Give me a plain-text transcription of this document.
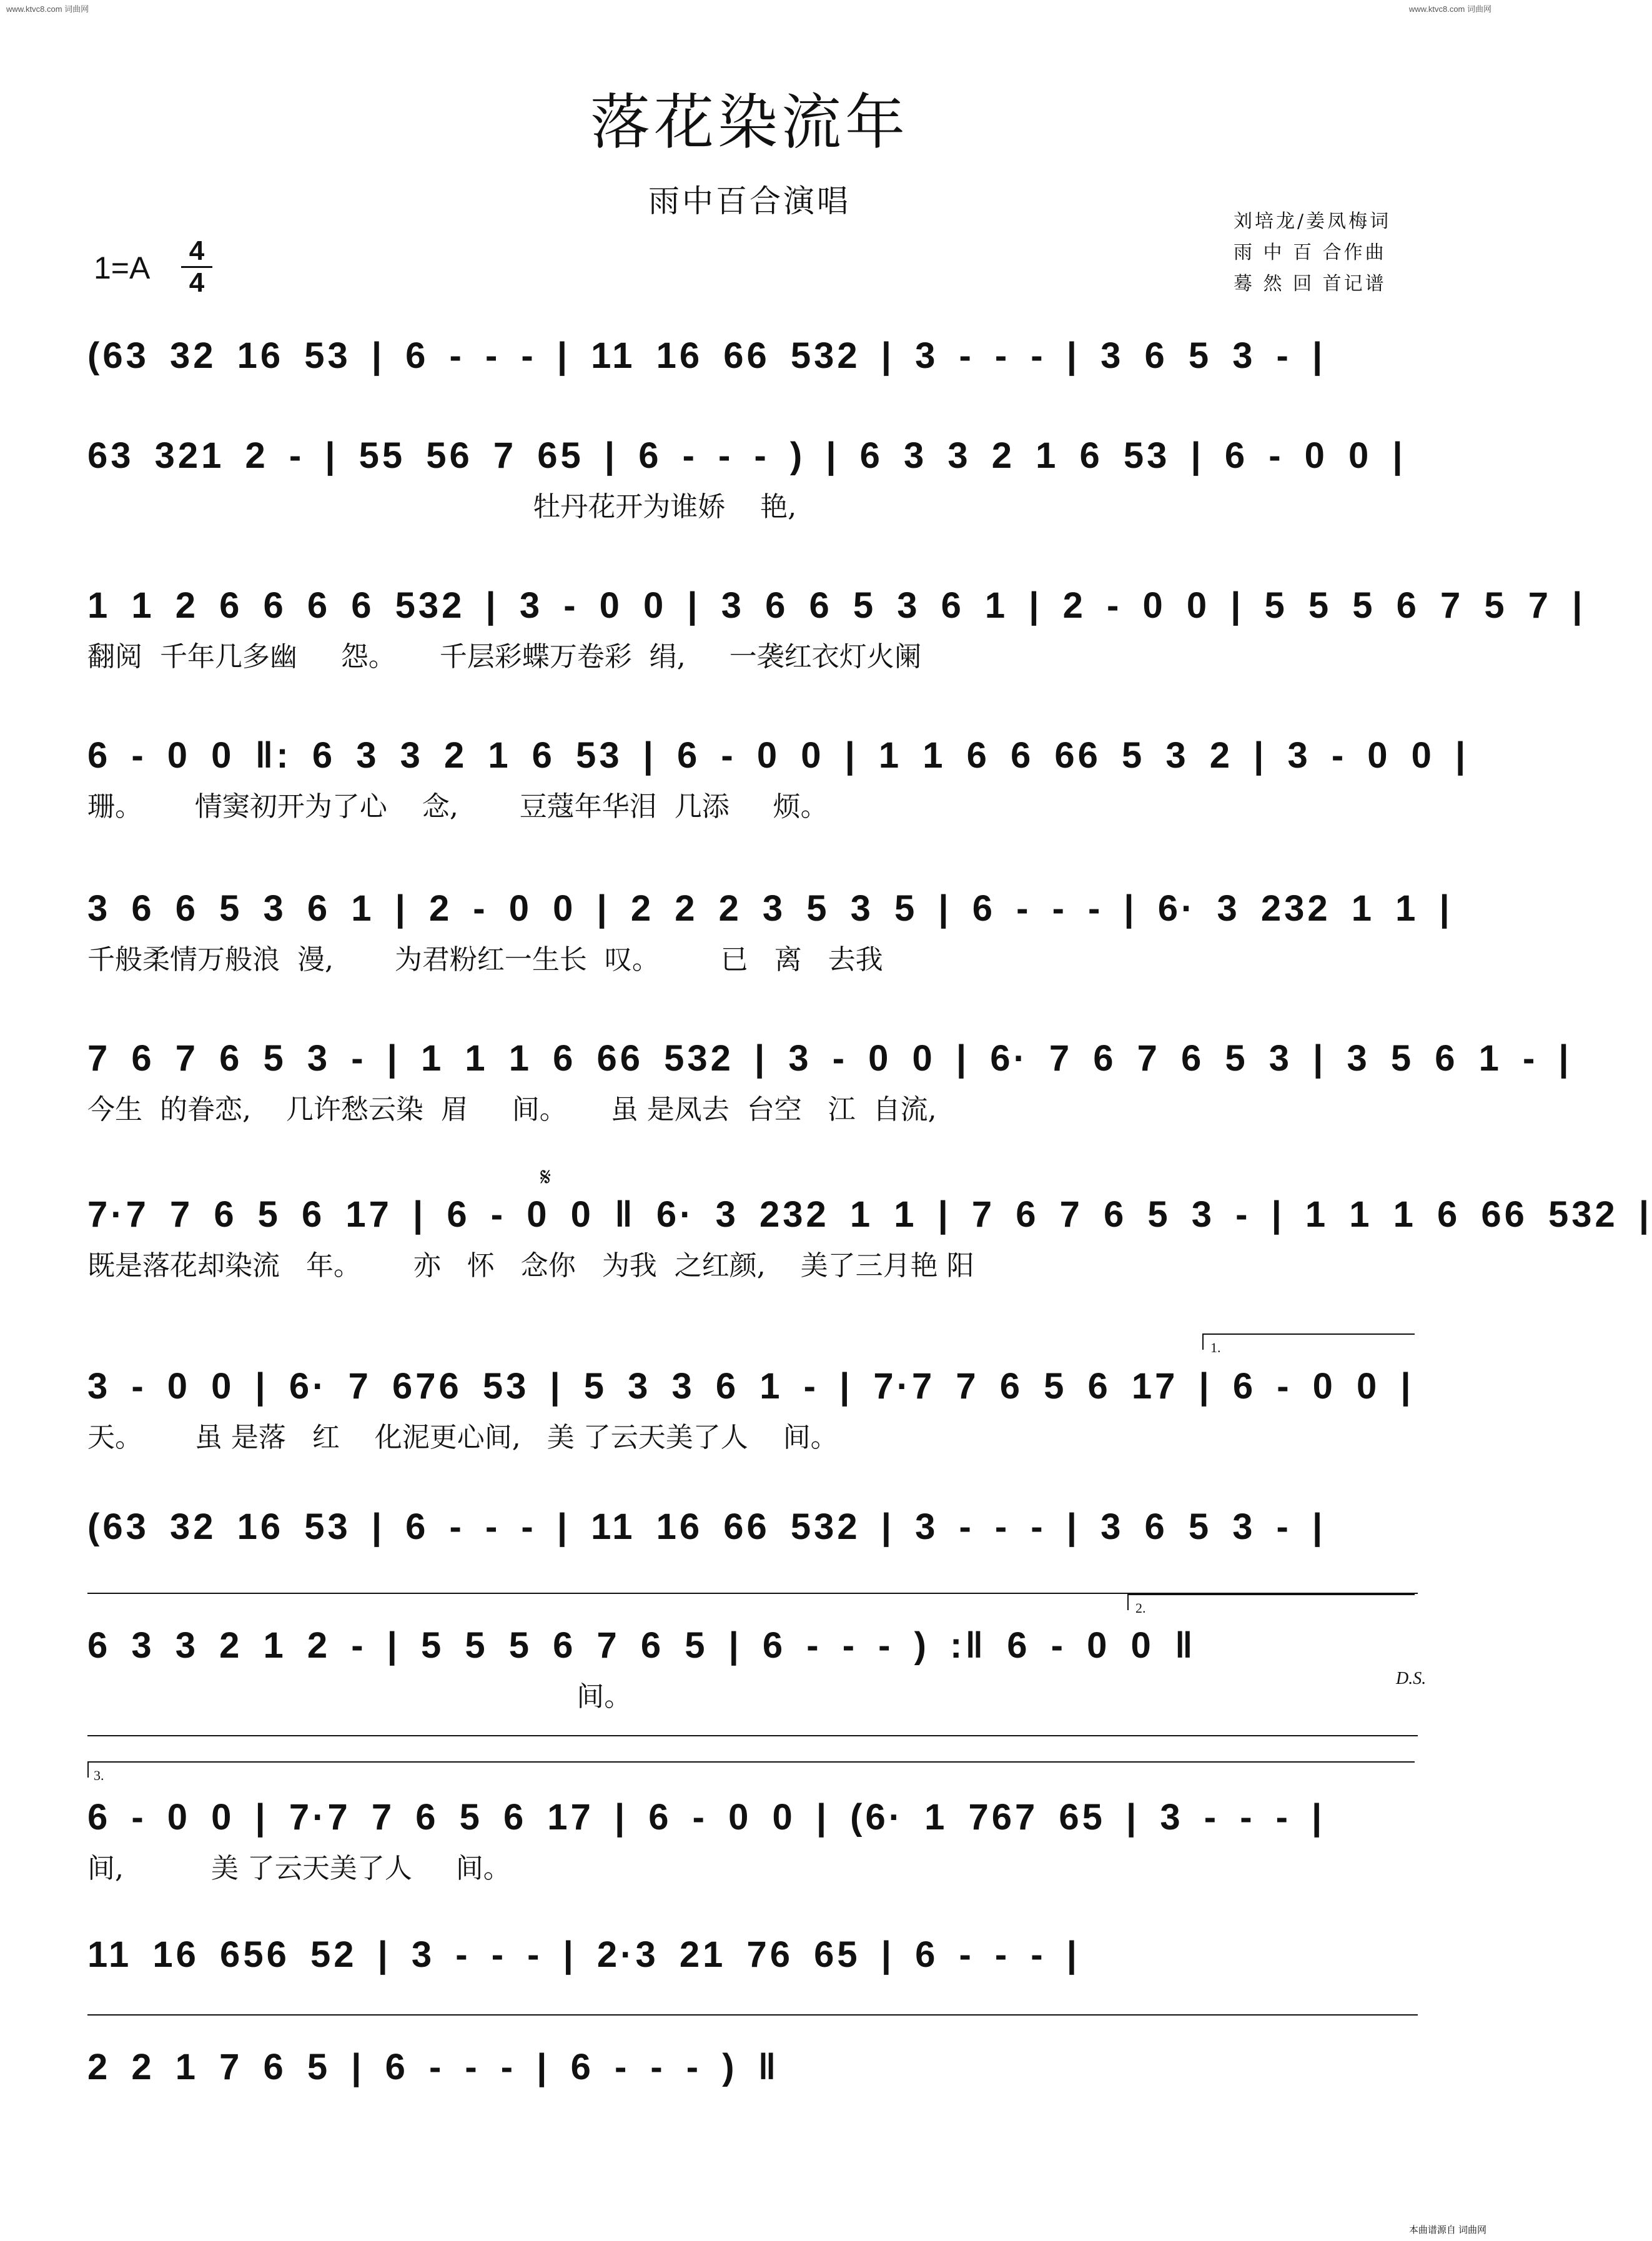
www.ktvc8.com 词曲网	www.ktvc8.com 词曲网
落花染流年
雨中百合演唱
刘培龙/姜凤梅词
雨 中 百 合作曲
蓦 然 回 首记谱
1=A 4
4
(63 32 16 53 | 6 - - - | 11 16 66 532 | 3 - - - | 3 6 5 3 - |
63 321 2 - | 55 56 7 65 | 6 - - - ) | 6 3 3 2 1 6 53 | 6 - 0 0 |
牡丹花开为谁娇    艳,
1 1 2 6 6 6 6 532 | 3 - 0 0 | 3 6 6 5 3 6 1 | 2 - 0 0 | 5 5 5 6 7 5 7 |
翻阅  千年几多幽     怨。     千层彩蝶万卷彩  绢,     一袭红衣灯火阑
6 - 0 0 ‖: 6 3 3 2 1 6 53 | 6 - 0 0 | 1 1 6 6 66 5 3 2 | 3 - 0 0 |
珊。      情窦初开为了心    念,       豆蔻年华泪  几添     烦。
3 6 6 5 3 6 1 | 2 - 0 0 | 2 2 2 3 5 3 5 | 6 - - - | 6· 3 232 1 1 |
千般柔情万般浪  漫,       为君粉红一生长  叹。       已   离   去我
7 6 7 6 5 3 - | 1 1 1 6 66 532 | 3 - 0 0 | 6· 7 6 7 6 5 3 | 3 5 6 1 - |
今生  的眷恋,    几许愁云染  眉     间。     虽 是凤去  台空   江  自流,
𝄋
7·7 7 6 5 6 17 | 6 - 0 0 ‖ 6· 3 232 1 1 | 7 6 7 6 5 3 - | 1 1 1 6 66 532 |
既是落花却染流   年。      亦   怀   念你   为我  之红颜,    美了三月艳 阳
1.
3 - 0 0 | 6· 7 676 53 | 5 3 3 6 1 - | 7·7 7 6 5 6 17 | 6 - 0 0 |
天。      虽 是落   红    化泥更心间,   美 了云天美了人    间。
(63 32 16 53 | 6 - - - | 11 16 66 532 | 3 - - - | 3 6 5 3 - |
2.
6 3 3 2 1 2 - | 5 5 5 6 7 6 5 | 6 - - - ) :‖ 6 - 0 0 ‖
间。
D.S.
3.
6 - 0 0 | 7·7 7 6 5 6 17 | 6 - 0 0 | (6· 1 767 65 | 3 - - - |
间,          美 了云天美了人     间。
11 16 656 52 | 3 - - - | 2·3 21 76 65 | 6 - - - |
2 2 1 7 6 5 | 6 - - - | 6 - - - ) ‖
本曲谱源自 词曲网
